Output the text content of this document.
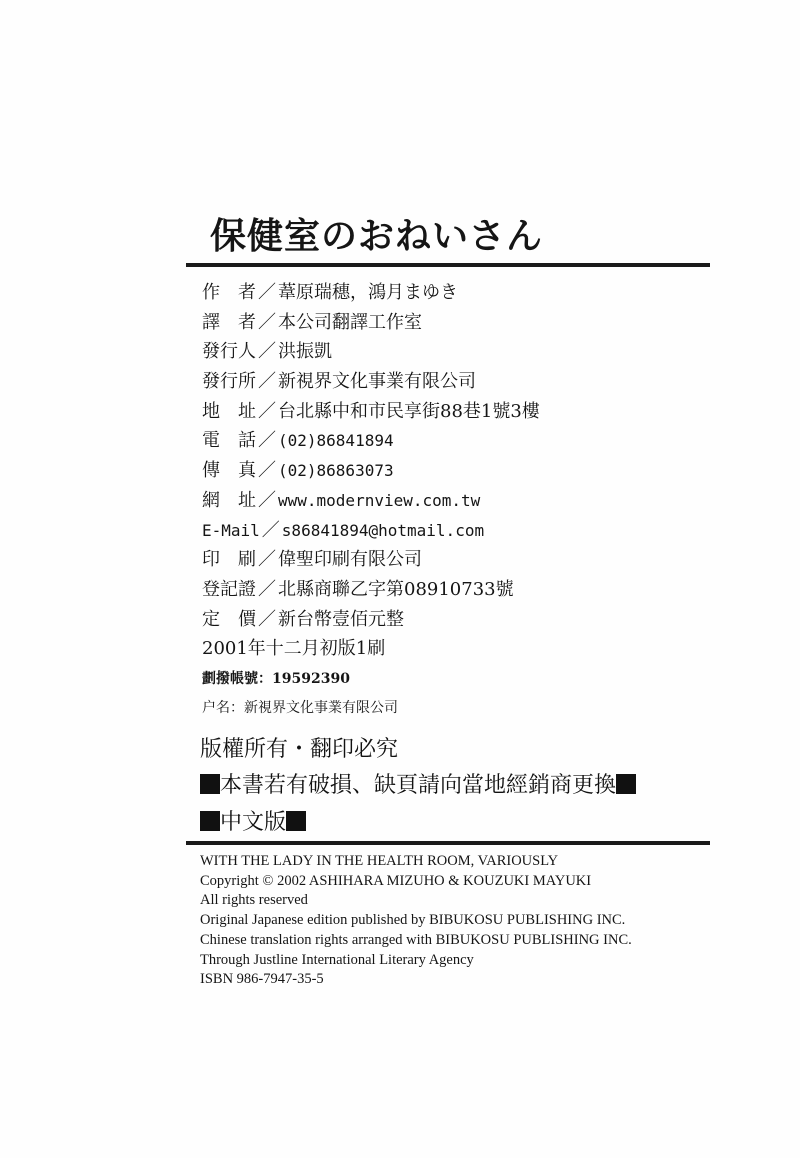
保健室のおねいさん
作　者 ／ 葦原瑞穗，鴻月まゆき
譯　者 ／ 本公司翻譯工作室
發行人 ／ 洪振凱
發行所 ／ 新視界文化事業有限公司
地　址 ／ 台北縣中和市民享街88巷1號3樓
電　話 ／ (02)86841894
傳　真 ／ (02)86863073
網　址 ／ www.modernview.com.tw
E-Mail ／ s86841894@hotmail.com
印　刷 ／ 偉聖印刷有限公司
登記證 ／ 北縣商聯乙字第08910733號
定　價 ／ 新台幣壹佰元整
2001年十二月初版1刷
劃撥帳號：19592390
户名：新視界文化事業有限公司
版權所有・翻印必究
本書若有破損、缺頁請向當地經銷商更換
中文版
WITH THE LADY IN THE HEALTH ROOM, VARIOUSLY
Copyright © 2002 ASHIHARA MIZUHO & KOUZUKI MAYUKI
All rights reserved
Original Japanese edition published by BIBUKOSU PUBLISHING INC.
Chinese translation rights arranged with BIBUKOSU PUBLISHING INC.
Through Justline International Literary Agency
ISBN 986-7947-35-5
